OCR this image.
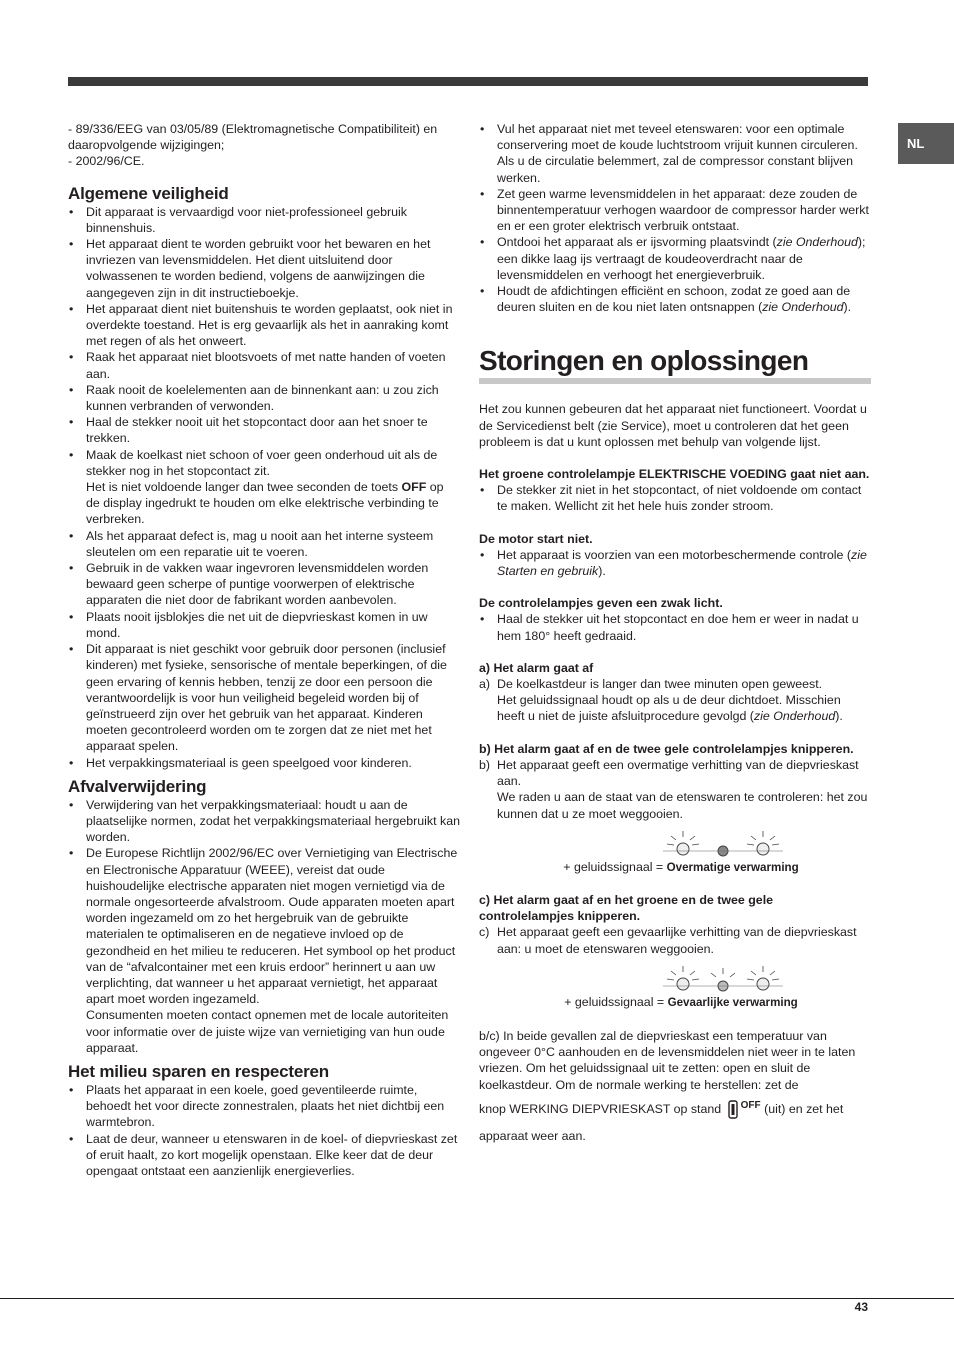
NL

- 89/336/EEG van 03/05/89 (Elektromagnetische Compatibiliteit) en daaropvolgende wijzigingen;

- 2002/96/CE.

Algemene veiligheid
• Dit apparaat is vervaardigd voor niet-professioneel gebruik binnenshuis.
• Het apparaat dient te worden gebruikt voor het bewaren en het invriezen van levensmiddelen. Het dient uitsluitend door volwassenen te worden bediend, volgens de aanwijzingen die aangegeven zijn in dit instructieboekje.
• Het apparaat dient niet buitenshuis te worden geplaatst, ook niet in overdekte toestand. Het is erg gevaarlijk als het in aanraking komt met regen of als het onweert.
• Raak het apparaat niet blootsvoets of met natte handen of voeten aan.
• Raak nooit de koelelementen aan de binnenkant aan: u zou zich kunnen verbranden of verwonden.
• Haal de stekker nooit uit het stopcontact door aan het snoer te trekken.
• Maak de koelkast niet schoon of voer geen onderhoud uit als de stekker nog in het stopcontact zit.
Het is niet voldoende langer dan twee seconden de toets OFF op de display ingedrukt te houden om elke elektrische verbinding te verbreken.
• Als het apparaat defect is, mag u nooit aan het interne systeem sleutelen om een reparatie uit te voeren.
• Gebruik in de vakken waar ingevroren levensmiddelen worden bewaard geen scherpe of puntige voorwerpen of elektrische apparaten die niet door de fabrikant worden aanbevolen.
• Plaats nooit ijsblokjes die net uit de diepvrieskast komen in uw mond.
• Dit apparaat is niet geschikt voor gebruik door personen (inclusief kinderen) met fysieke, sensorische of mentale beperkingen, of die geen ervaring of kennis hebben, tenzij ze door een persoon die verantwoordelijk is voor hun veiligheid begeleid worden bij of geïnstrueerd zijn over het gebruik van het apparaat. Kinderen moeten gecontroleerd worden om te zorgen dat ze niet met het apparaat spelen.
• Het verpakkingsmateriaal is geen speelgoed voor kinderen.
Afvalverwijdering
• Verwijdering van het verpakkingsmateriaal: houdt u aan de plaatselijke normen, zodat het verpakkingsmateriaal hergebruikt kan worden.
• De Europese Richtlijn 2002/96/EC over Vernietiging van Electrische en Electronische Apparatuur (WEEE), vereist dat oude huishoudelijke electrische apparaten niet mogen vernietigd via de normale ongesorteerde afvalstroom. Oude apparaten moeten apart worden ingezameld om zo het hergebruik van de gebruikte materialen te optimaliseren en de negatieve invloed op de gezondheid en het milieu te reduceren. Het symbool op het product van de “afvalcontainer met een kruis erdoor” herinnert u aan uw verplichting, dat wanneer u het apparaat vernietigt, het apparaat apart moet worden ingezameld.

Consumenten moeten contact opnemen met de locale autoriteiten voor informatie over de juiste wijze van vernietiging van hun oude apparaat.

Het milieu sparen en respecteren
• Plaats het apparaat in een koele, goed geventileerde ruimte, behoedt het voor directe zonnestralen, plaats het niet dichtbij een warmtebron.
• Laat de deur, wanneer u etenswaren in de koel- of diepvrieskast zet of eruit haalt, zo kort mogelijk openstaan. Elke keer dat de deur opengaat ontstaat een aanzienlijk energieverlies.
• Vul het apparaat niet met teveel etenswaren: voor een optimale conservering moet de koude luchtstroom vrijuit kunnen circuleren. Als u de circulatie belemmert, zal de compressor constant blijven werken.
• Zet geen warme levensmiddelen in het apparaat: deze zouden de binnentemperatuur verhogen waardoor de compressor harder werkt en er een groter elektrisch verbruik ontstaat.
• Ontdooi het apparaat als er ijsvorming plaatsvindt (zie Onderhoud); een dikke laag ijs vertraagt de koudeoverdracht naar de levensmiddelen en verhoogt het energieverbruik.
• Houdt de afdichtingen efficiënt en schoon, zodat ze goed aan de deuren sluiten en de kou niet laten ontsnappen (zie Onderhoud).
Storingen en oplossingen

Het zou kunnen gebeuren dat het apparaat niet functioneert. Voordat u de Servicedienst belt (zie Service), moet u controleren dat het geen probleem is dat u kunt oplossen met behulp van volgende lijst.

Het groene controlelampje ELEKTRISCHE VOEDING gaat niet aan.

• De stekker zit niet in het stopcontact, of niet voldoende om contact te maken. Wellicht zit het hele huis zonder stroom.

De motor start niet.

• Het apparaat is voorzien van een motorbeschermende controle (zie Starten en gebruik).

De controlelampjes geven een zwak licht.

• Haal de stekker uit het stopcontact en doe hem er weer in nadat u hem 180° heeft gedraaid.

a) Het alarm gaat af

a) De koelkastdeur is langer dan twee minuten open geweest.
Het geluidssignaal houdt op als u de deur dichtdoet. Misschien heeft u niet de juiste afsluitprocedure gevolgd (zie Onderhoud).

b) Het alarm gaat af en de twee gele controlelampjes knipperen.

b) Het apparaat geeft een overmatige verhitting van de diepvrieskast aan.
We raden u aan de staat van de etenswaren te controleren: het zou kunnen dat u ze moet weggooien.

+ geluidssignaal = Overmatige verwarming

c) Het alarm gaat af en het groene en de twee gele controlelampjes knipperen.

c) Het apparaat geeft een gevaarlijke verhitting van de diepvrieskast aan: u moet de etenswaren weggooien.

+ geluidssignaal = Gevaarlijke verwarming

b/c) In beide gevallen zal de diepvrieskast een temperatuur van ongeveer 0°C aanhouden en de levensmiddelen niet weer in te laten vriezen. Om het geluidssignaal uit te zetten: open en sluit de koelkastdeur. Om de normale werking te herstellen: zet de

knop WERKING DIEPVRIESKAST op stand $^{OFF}$ (uit) en zet het

apparaat weer aan.

43
